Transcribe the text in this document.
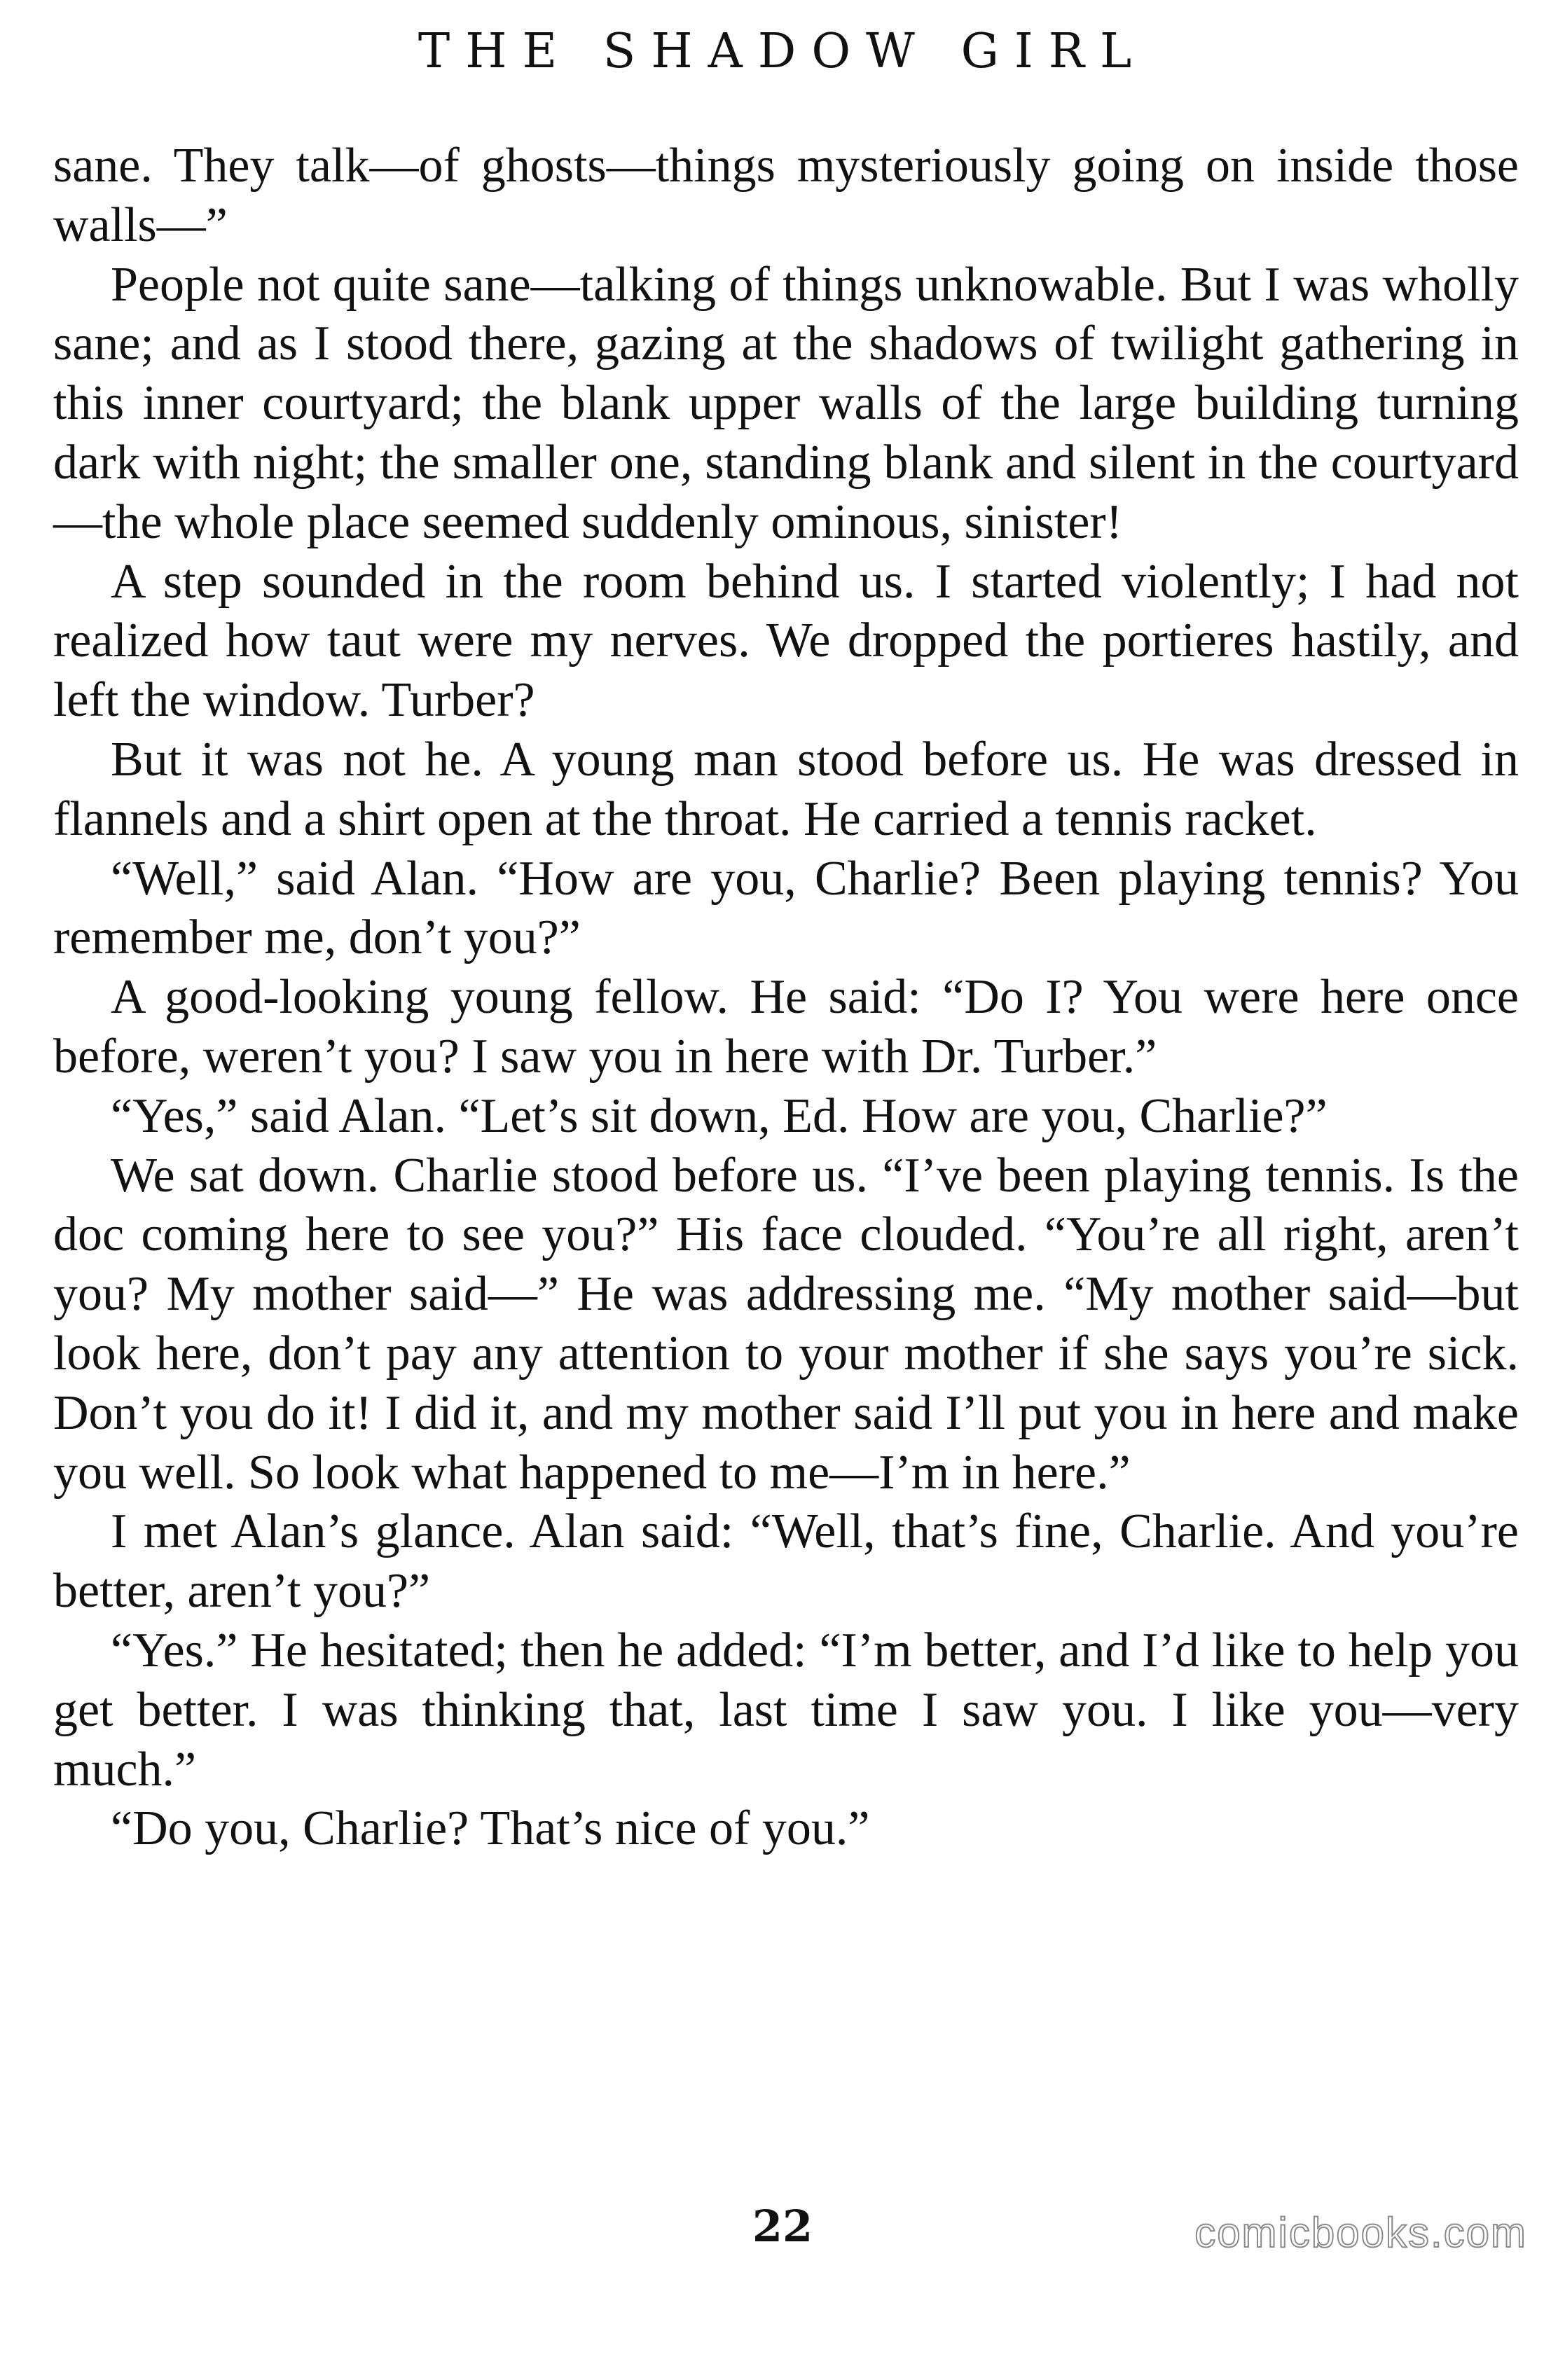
THE SHADOW GIRL

sane. They talk—of ghosts—things mysteriously going on inside those walls—”

People not quite sane—talking of things unknowable. But I was wholly sane; and as I stood there, gazing at the shadows of twilight gathering in this inner courtyard; the blank upper walls of the large building turning dark with night; the smaller one, standing blank and silent in the courtyard—the whole place seemed suddenly ominous, sinister!

A step sounded in the room behind us. I started violently; I had not realized how taut were my nerves. We dropped the portieres hastily, and left the window. Turber?

But it was not he. A young man stood before us. He was dressed in flannels and a shirt open at the throat. He carried a tennis racket.

“Well,” said Alan. “How are you, Charlie? Been playing tennis? You remember me, don’t you?”

A good-looking young fellow. He said: “Do I? You were here once before, weren’t you? I saw you in here with Dr. Turber.”

“Yes,” said Alan. “Let’s sit down, Ed. How are you, Charlie?”

We sat down. Charlie stood before us. “I’ve been playing tennis. Is the doc coming here to see you?” His face clouded. “You’re all right, aren’t you? My mother said—” He was addressing me. “My mother said—but look here, don’t pay any attention to your mother if she says you’re sick. Don’t you do it! I did it, and my mother said I’ll put you in here and make you well. So look what happened to me—I’m in here.”

I met Alan’s glance. Alan said: “Well, that’s fine, Charlie. And you’re better, aren’t you?”

“Yes.” He hesitated; then he added: “I’m better, and I’d like to help you get better. I was thinking that, last time I saw you. I like you—very much.”

“Do you, Charlie? That’s nice of you.”

22	comicbooks.com
